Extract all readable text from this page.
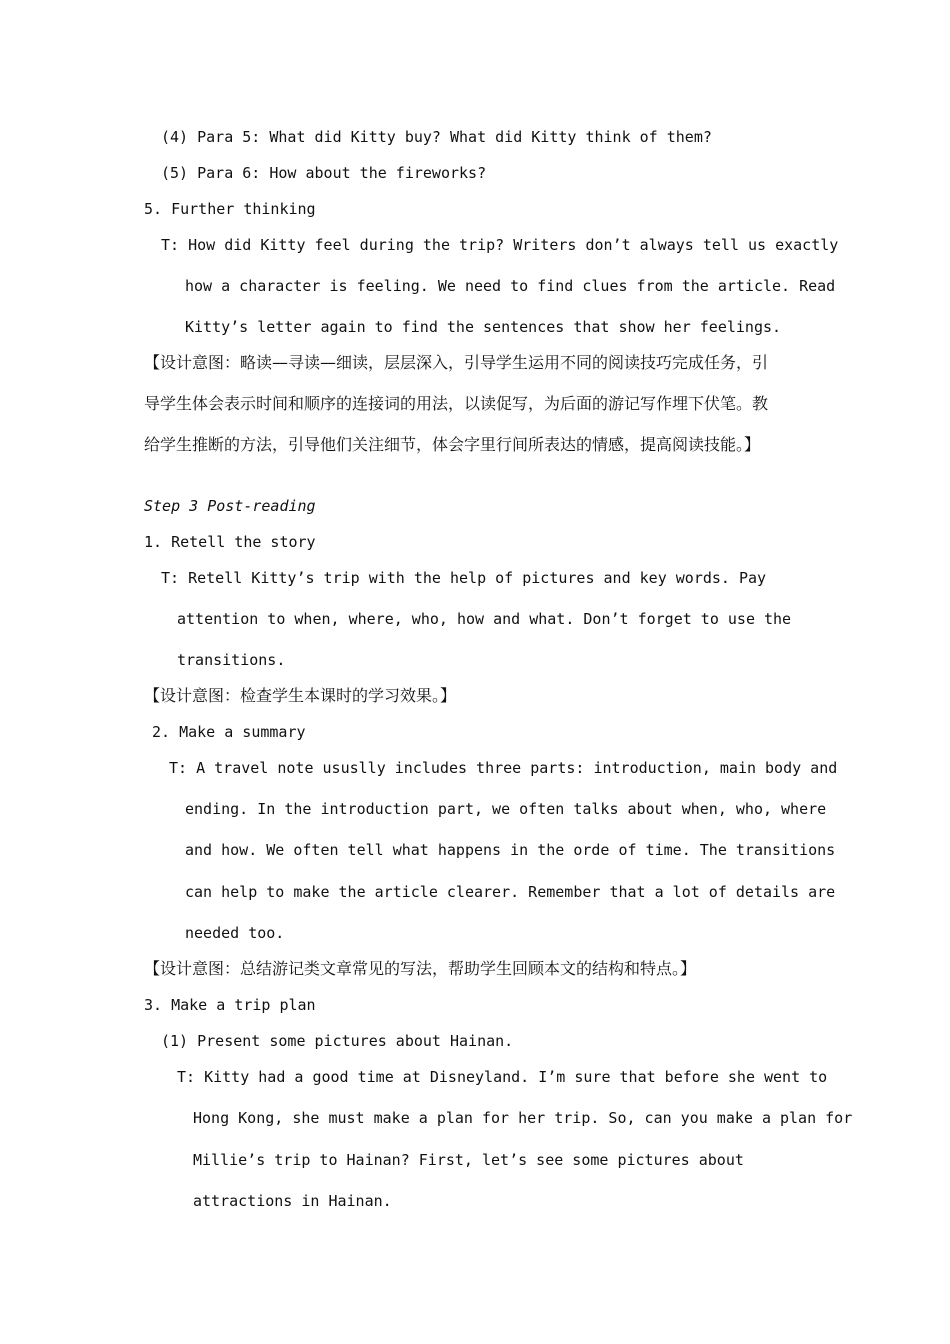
(4) Para 5: What did Kitty buy? What did Kitty think of them?
(5) Para 6: How about the fireworks?
5. Further thinking
T: How did Kitty feel during the trip? Writers don’t always tell us exactly
how a character is feeling. We need to find clues from the article. Read
Kitty’s letter again to find the sentences that show her feelings.
【设计意图：略读—寻读—细读，层层深入，引导学生运用不同的阅读技巧完成任务，引
导学生体会表示时间和顺序的连接词的用法，以读促写，为后面的游记写作埋下伏笔。教
给学生推断的方法，引导他们关注细节，体会字里行间所表达的情感，提高阅读技能。】
Step 3 Post-reading
1. Retell the story
T: Retell Kitty’s trip with the help of pictures and key words. Pay
attention to when, where, who, how and what. Don’t forget to use the
transitions.
【设计意图：检查学生本课时的学习效果。】
2. Make a summary
T: A travel note ususlly includes three parts: introduction, main body and
ending. In the introduction part, we often talks about when, who, where
and how. We often tell what happens in the orde of time. The transitions
can help to make the article clearer. Remember that a lot of details are
needed too.
【设计意图：总结游记类文章常见的写法，帮助学生回顾本文的结构和特点。】
3. Make a trip plan
(1) Present some pictures about Hainan.
T: Kitty had a good time at Disneyland. I’m sure that before she went to
Hong Kong, she must make a plan for her trip. So, can you make a plan for
Millie’s trip to Hainan? First, let’s see some pictures about
attractions in Hainan.
